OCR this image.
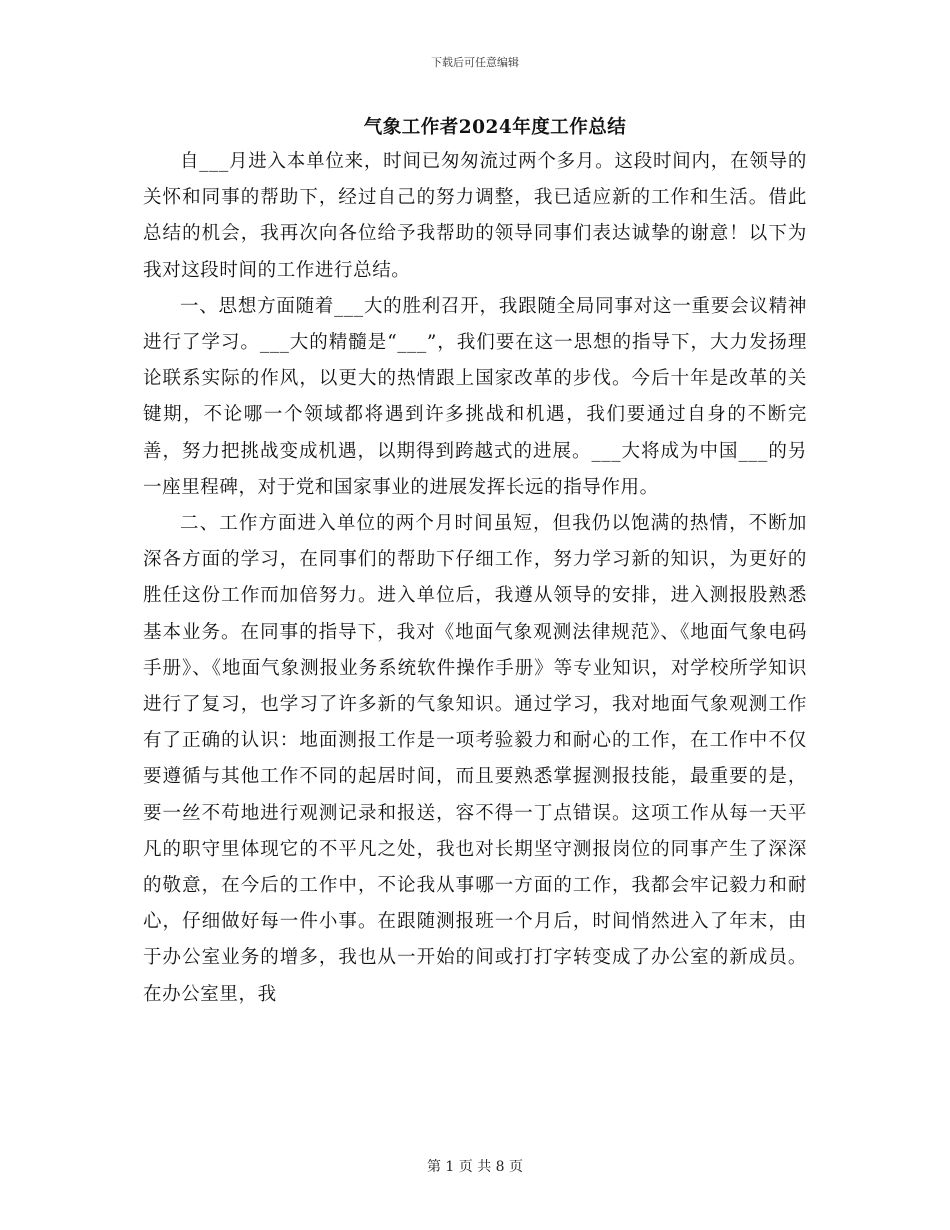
下载后可任意编辑
气象工作者2024年度工作总结

自___月进入本单位来，时间已匆匆流过两个多月。这段时间内，在领导的关怀和同事的帮助下，经过自己的努力调整，我已适应新的工作和生活。借此总结的机会，我再次向各位给予我帮助的领导同事们表达诚挚的谢意！以下为我对这段时间的工作进行总结。

一、思想方面随着___大的胜利召开，我跟随全局同事对这一重要会议精神进行了学习。___大的精髓是“___”，我们要在这一思想的指导下，大力发扬理论联系实际的作风，以更大的热情跟上国家改革的步伐。今后十年是改革的关键期，不论哪一个领域都将遇到许多挑战和机遇，我们要通过自身的不断完善，努力把挑战变成机遇，以期得到跨越式的进展。___大将成为中国___的另一座里程碑，对于党和国家事业的进展发挥长远的指导作用。

二、工作方面进入单位的两个月时间虽短，但我仍以饱满的热情，不断加深各方面的学习，在同事们的帮助下仔细工作，努力学习新的知识，为更好的胜任这份工作而加倍努力。进入单位后，我遵从领导的安排，进入测报股熟悉基本业务。在同事的指导下，我对《地面气象观测法律规范》、《地面气象电码手册》、《地面气象测报业务系统软件操作手册》等专业知识，对学校所学知识进行了复习，也学习了许多新的气象知识。通过学习，我对地面气象观测工作有了正确的认识：地面测报工作是一项考验毅力和耐心的工作，在工作中不仅要遵循与其他工作不同的起居时间，而且要熟悉掌握测报技能，最重要的是，要一丝不苟地进行观测记录和报送，容不得一丁点错误。这项工作从每一天平凡的职守里体现它的不平凡之处，我也对长期坚守测报岗位的同事产生了深深的敬意，在今后的工作中，不论我从事哪一方面的工作，我都会牢记毅力和耐心，仔细做好每一件小事。在跟随测报班一个月后，时间悄然进入了年末，由于办公室业务的增多，我也从一开始的间或打打字转变成了办公室的新成员。在办公室里，我

第 1 页 共 8 页
